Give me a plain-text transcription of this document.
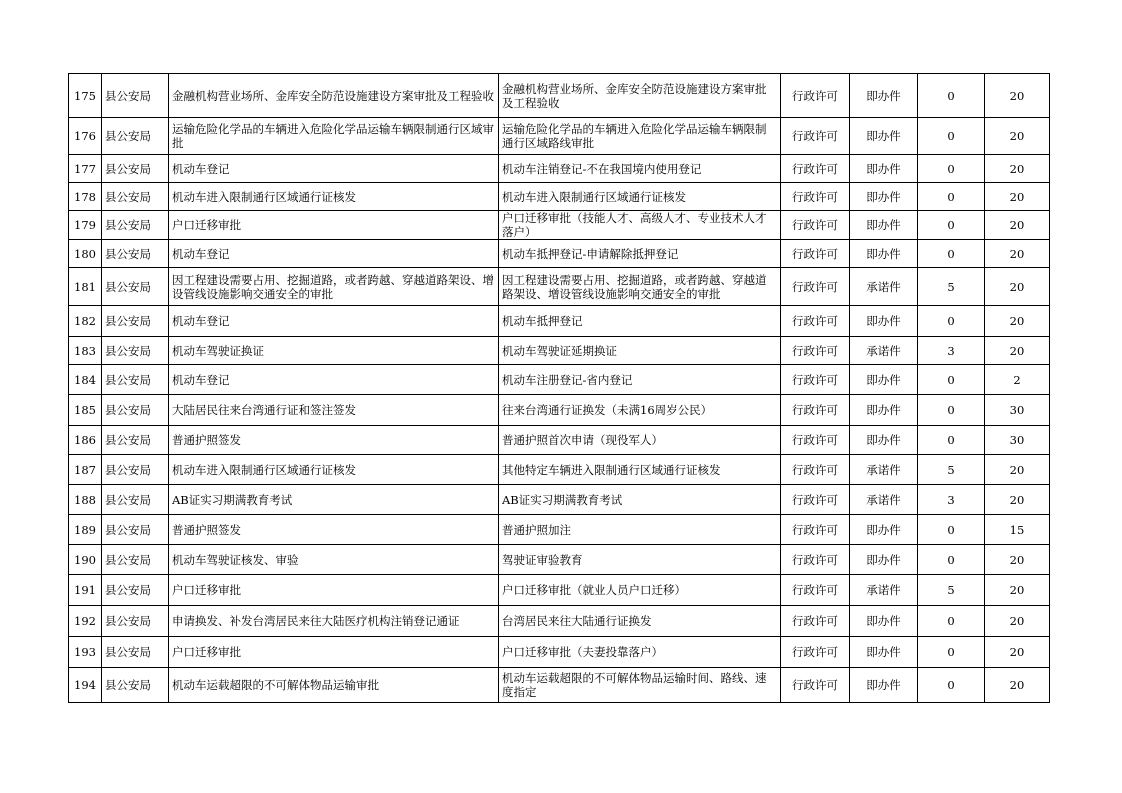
175	县公安局	金融机构营业场所、金库安全防范设施建设方案审批及工程验收	金融机构营业场所、金库安全防范设施建设方案审批及工程验收	行政许可	即办件	0	20
176	县公安局	运输危险化学品的车辆进入危险化学品运输车辆限制通行区域审批	运输危险化学品的车辆进入危险化学品运输车辆限制通行区域路线审批	行政许可	即办件	0	20
177	县公安局	机动车登记	机动车注销登记-不在我国境内使用登记	行政许可	即办件	0	20
178	县公安局	机动车进入限制通行区域通行证核发	机动车进入限制通行区域通行证核发	行政许可	即办件	0	20
179	县公安局	户口迁移审批	户口迁移审批（技能人才、高级人才、专业技术人才落户）	行政许可	即办件	0	20
180	县公安局	机动车登记	机动车抵押登记-申请解除抵押登记	行政许可	即办件	0	20
181	县公安局	因工程建设需要占用、挖掘道路，或者跨越、穿越道路架设、增设管线设施影响交通安全的审批	因工程建设需要占用、挖掘道路，或者跨越、穿越道路架设、增设管线设施影响交通安全的审批	行政许可	承诺件	5	20
182	县公安局	机动车登记	机动车抵押登记	行政许可	即办件	0	20
183	县公安局	机动车驾驶证换证	机动车驾驶证延期换证	行政许可	承诺件	3	20
184	县公安局	机动车登记	机动车注册登记-省内登记	行政许可	即办件	0	2
185	县公安局	大陆居民往来台湾通行证和签注签发	往来台湾通行证换发（未满16周岁公民）	行政许可	即办件	0	30
186	县公安局	普通护照签发	普通护照首次申请（现役军人）	行政许可	即办件	0	30
187	县公安局	机动车进入限制通行区域通行证核发	其他特定车辆进入限制通行区域通行证核发	行政许可	承诺件	5	20
188	县公安局	AB证实习期满教育考试	AB证实习期满教育考试	行政许可	承诺件	3	20
189	县公安局	普通护照签发	普通护照加注	行政许可	即办件	0	15
190	县公安局	机动车驾驶证核发、审验	驾驶证审验教育	行政许可	即办件	0	20
191	县公安局	户口迁移审批	户口迁移审批（就业人员户口迁移）	行政许可	承诺件	5	20
192	县公安局	申请换发、补发台湾居民来往大陆医疗机构注销登记通证	台湾居民来往大陆通行证换发	行政许可	即办件	0	20
193	县公安局	户口迁移审批	户口迁移审批（夫妻投靠落户）	行政许可	即办件	0	20
194	县公安局	机动车运载超限的不可解体物品运输审批	机动车运载超限的不可解体物品运输时间、路线、速度指定	行政许可	即办件	0	20
